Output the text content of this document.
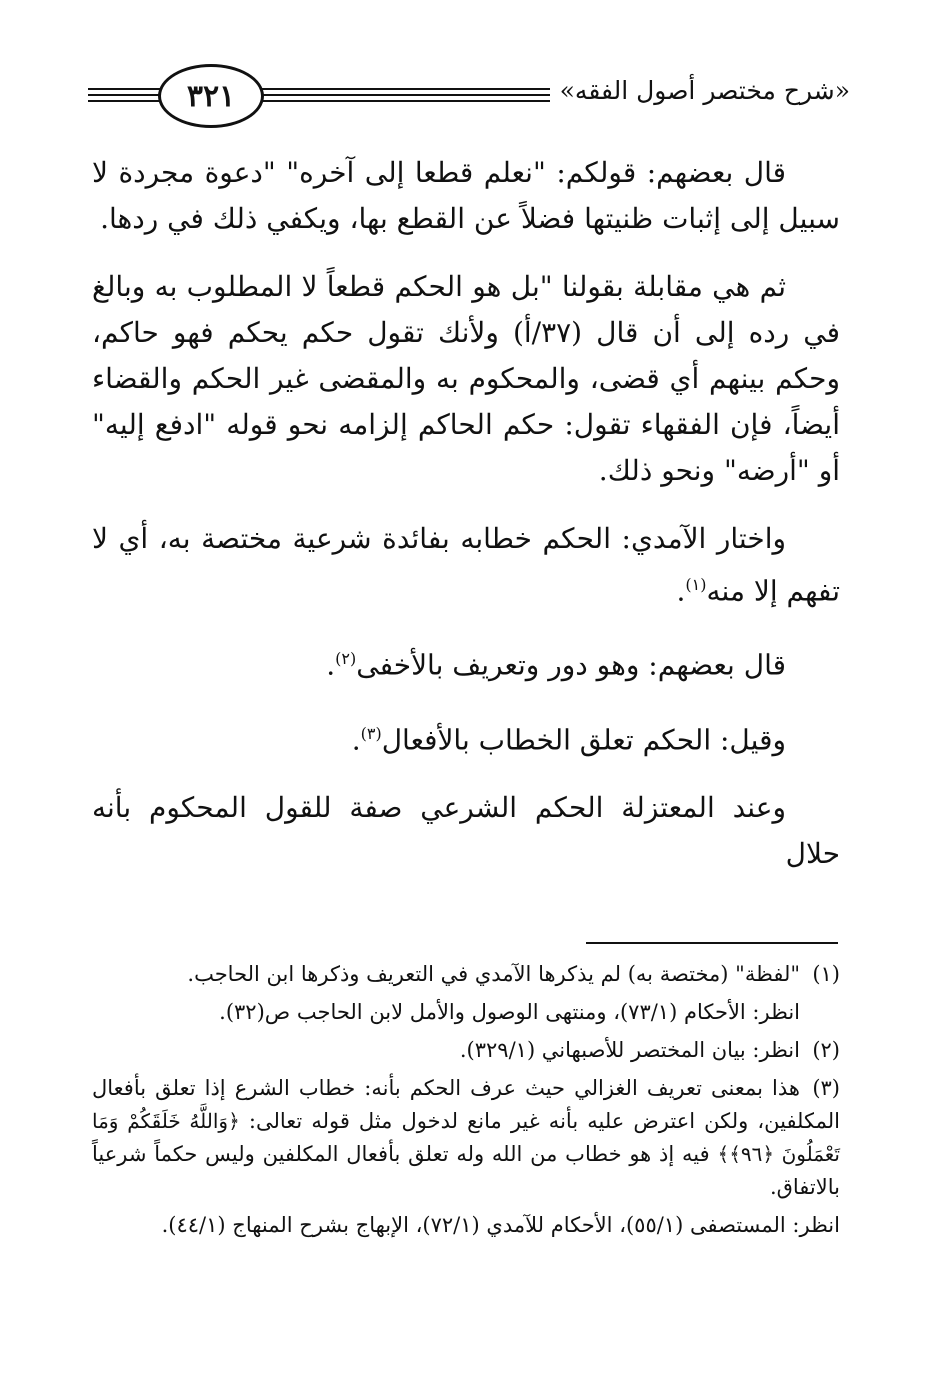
«شرح مختصر أصول الفقه»
٣٢١

قال بعضهم: قولكم: "نعلم قطعا إلى آخره" "دعوة مجردة لا سبيل إلى إثبات ظنيتها فضلاً عن القطع بها، ويكفي ذلك في ردها.

ثم هي مقابلة بقولنا "بل هو الحكم قطعاً لا المطلوب به وبالغ في رده إلى أن قال (٣٧/أ) ولأنك تقول حكم يحكم فهو حاكم، وحكم بينهم أي قضى، والمحكوم به والمقضى غير الحكم والقضاء أيضاً، فإن الفقهاء تقول: حكم الحاكم إلزامه نحو قوله "ادفع إليه" أو "أرضه" ونحو ذلك.

واختار الآمدي: الحكم خطابه بفائدة شرعية مختصة به، أي لا تفهم إلا منه$^{(١)}$.

قال بعضهم: وهو دور وتعريف بالأخفى$^{(٢)}$.

وقيل: الحكم تعلق الخطاب بالأفعال$^{(٣)}$.

وعند المعتزلة الحكم الشرعي صفة للقول المحكوم بأنه حلال

(١)"لفظة" (مختصة به) لم يذكرها الآمدي في التعريف وذكرها ابن الحاجب.

انظر: الأحكام (٧٣/١)، ومنتهى الوصول والأمل لابن الحاجب ص(٣٢).

(٢)انظر: بيان المختصر للأصبهاني (٣٢٩/١).

(٣)هذا بمعنى تعريف الغزالي حيث عرف الحكم بأنه: خطاب الشرع إذا تعلق بأفعال المكلفين، ولكن اعترض عليه بأنه غير مانع لدخول مثل قوله تعالى: ﴿وَاللَّهُ خَلَقَكُمْ وَمَا تَعْمَلُونَ ﴿٩٦﴾﴾ فيه إذ هو خطاب من الله وله تعلق بأفعال المكلفين وليس حكماً شرعياً بالاتفاق.

انظر: المستصفى (٥٥/١)، الأحكام للآمدي (٧٢/١)، الإبهاج بشرح المنهاج (٤٤/١).
